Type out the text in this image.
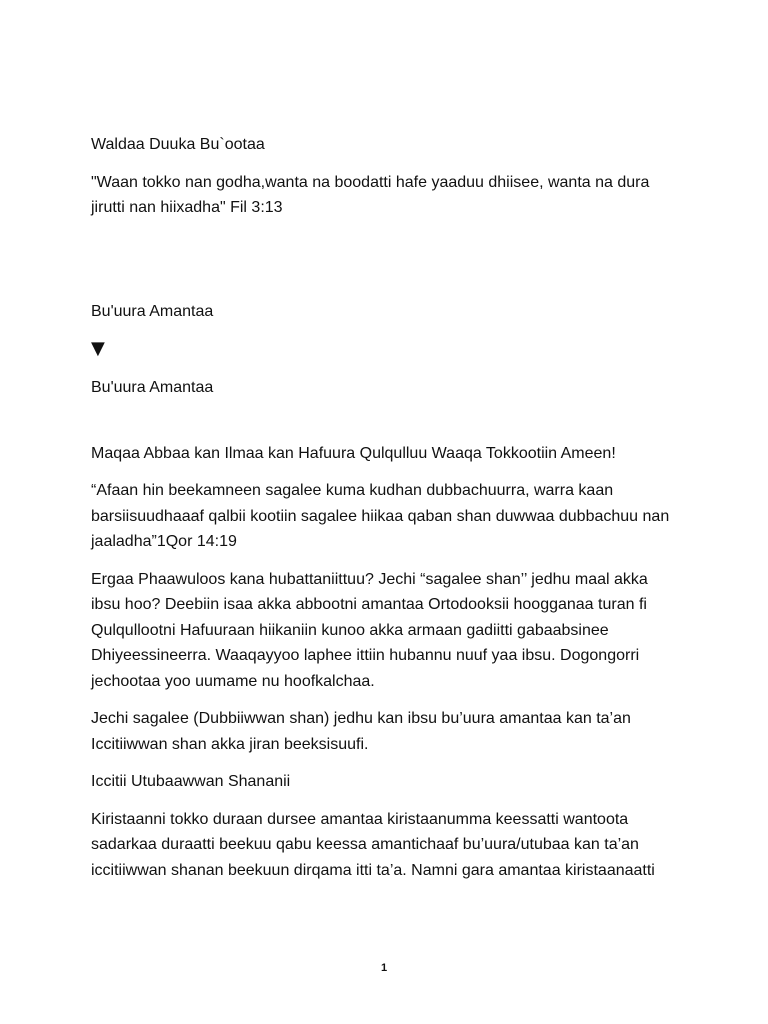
Waldaa Duuka Bu`ootaa

"Waan tokko nan godha,wanta na boodatti hafe yaaduu dhiisee, wanta na dura jirutti nan hiixadha" Fil 3:13

Bu'uura Amantaa

▼

Bu'uura Amantaa

Maqaa Abbaa kan Ilmaa kan Hafuura Qulqulluu Waaqa Tokkootiin Ameen!

“Afaan hin beekamneen sagalee kuma kudhan dubbachuurra, warra kaan barsiisuudhaaaf qalbii kootiin sagalee hiikaa qaban shan duwwaa dubbachuu nan jaaladha”1Qor 14:19

Ergaa Phaawuloos kana hubattaniittuu? Jechi “sagalee shan’’ jedhu maal akka ibsu hoo? Deebiin isaa akka abbootni amantaa Ortodooksii hoogganaa turan fi Qulqullootni Hafuuraan hiikaniin kunoo akka armaan gadiitti gabaabsinee Dhiyeessineerra. Waaqayyoo laphee ittiin hubannu nuuf yaa ibsu. Dogongorri jechootaa yoo uumame nu hoofkalchaa.

Jechi sagalee (Dubbiiwwan shan) jedhu kan ibsu bu’uura amantaa kan ta’an Iccitiiwwan shan akka jiran beeksisuufi.

Iccitii Utubaawwan Shananii

Kiristaanni tokko duraan dursee amantaa kiristaanumma keessatti wantoota sadarkaa duraatti beekuu qabu keessa amantichaaf bu’uura/utubaa kan ta’an iccitiiwwan shanan beekuun dirqama itti ta’a. Namni gara amantaa kiristaanaatti

1
